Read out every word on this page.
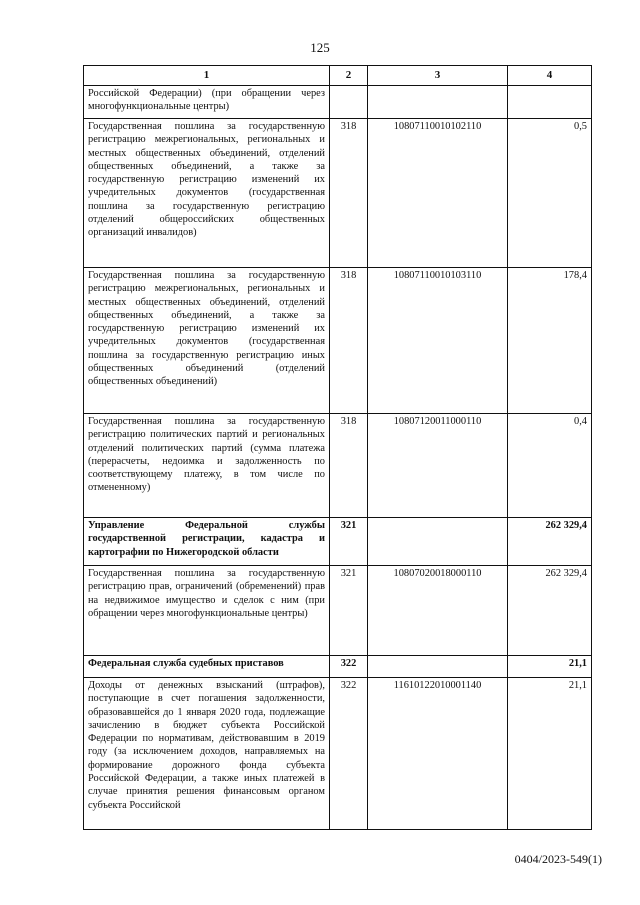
125
1	2	3	4
Российской Федерации) (при обращении через многофункциональные центры)			
Государственная пошлина за государственную регистрацию межрегиональных, региональных и местных общественных объединений, отделений общественных объединений, а также за государственную регистрацию изменений их учредительных документов (государственная пошлина за государственную регистрацию отделений общероссийских общественных организаций инвалидов)	318	10807110010102110	0,5
Государственная пошлина за государственную регистрацию межрегиональных, региональных и местных общественных объединений, отделений общественных объединений, а также за государственную регистрацию изменений их учредительных документов (государственная пошлина за государственную регистрацию иных общественных объединений (отделений общественных объединений)	318	10807110010103110	178,4
Государственная пошлина за государственную регистрацию политических партий и региональных отделений политических партий (сумма платежа (перерасчеты, недоимка и задолженность по соответствующему платежу, в том числе по отмененному)	318	10807120011000110	0,4
Управление Федеральной службы государственной регистрации, кадастра и картографии по Нижегородской области	321		262 329,4
Государственная пошлина за государственную регистрацию прав, ограничений (обременений) прав на недвижимое имущество и сделок с ним (при обращении через многофункциональные центры)	321	10807020018000110	262 329,4
Федеральная служба судебных приставов	322		21,1
Доходы от денежных взысканий (штрафов), поступающие в счет погашения задолженности, образовавшейся до 1 января 2020 года, подлежащие зачислению в бюджет субъекта Российской Федерации по нормативам, действовавшим в 2019 году (за исключением доходов, направляемых на формирование дорожного фонда субъекта Российской Федерации, а также иных платежей в случае принятия решения финансовым органом субъекта Российской	322	11610122010001140	21,1
0404/2023-549(1)
